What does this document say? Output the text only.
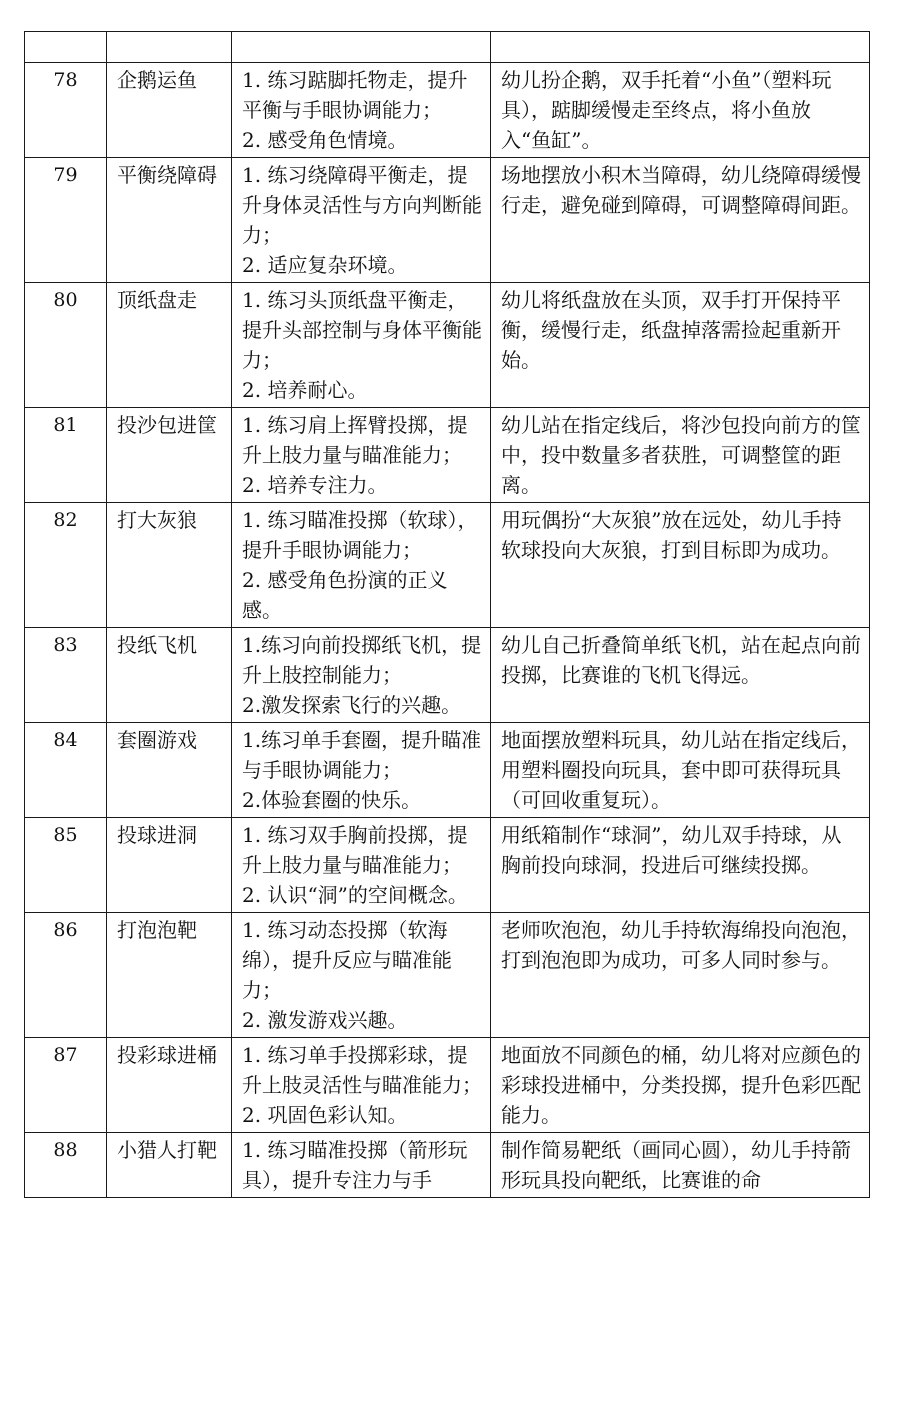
78	企鹅运鱼	1. 练习踮脚托物走，提升平衡与手眼协调能力；
2. 感受角色情境。	幼儿扮企鹅，双手托着“小鱼”（塑料玩具），踮脚缓慢走至终点，将小鱼放入“鱼缸”。
79	平衡绕障碍	1. 练习绕障碍平衡走，提升身体灵活性与方向判断能力；
2. 适应复杂环境。	场地摆放小积木当障碍，幼儿绕障碍缓慢行走，避免碰到障碍，可调整障碍间距。
80	顶纸盘走	1. 练习头顶纸盘平衡走，提升头部控制与身体平衡能力；
2. 培养耐心。	幼儿将纸盘放在头顶，双手打开保持平衡，缓慢行走，纸盘掉落需捡起重新开始。
81	投沙包进筐	1. 练习肩上挥臂投掷，提升上肢力量与瞄准能力；
2. 培养专注力。	幼儿站在指定线后，将沙包投向前方的筐中，投中数量多者获胜，可调整筐的距离。
82	打大灰狼	1. 练习瞄准投掷（软球），提升手眼协调能力；
2. 感受角色扮演的正义感。	用玩偶扮“大灰狼”放在远处，幼儿手持软球投向大灰狼，打到目标即为成功。
83	投纸飞机	1.练习向前投掷纸飞机，提升上肢控制能力；
2.激发探索飞行的兴趣。	幼儿自己折叠简单纸飞机，站在起点向前投掷，比赛谁的飞机飞得远。
84	套圈游戏	1.练习单手套圈，提升瞄准与手眼协调能力；
2.体验套圈的快乐。	地面摆放塑料玩具，幼儿站在指定线后，用塑料圈投向玩具，套中即可获得玩具（可回收重复玩）。
85	投球进洞	1. 练习双手胸前投掷，提升上肢力量与瞄准能力；
2. 认识“洞”的空间概念。	用纸箱制作“球洞”，幼儿双手持球，从胸前投向球洞，投进后可继续投掷。
86	打泡泡靶	1. 练习动态投掷（软海绵），提升反应与瞄准能力；
2. 激发游戏兴趣。	老师吹泡泡，幼儿手持软海绵投向泡泡，打到泡泡即为成功，可多人同时参与。
87	投彩球进桶	1. 练习单手投掷彩球，提升上肢灵活性与瞄准能力；
2. 巩固色彩认知。	地面放不同颜色的桶，幼儿将对应颜色的彩球投进桶中，分类投掷，提升色彩匹配能力。
88	小猎人打靶	1. 练习瞄准投掷（箭形玩具），提升专注力与手	制作简易靶纸（画同心圆），幼儿手持箭形玩具投向靶纸，比赛谁的命
